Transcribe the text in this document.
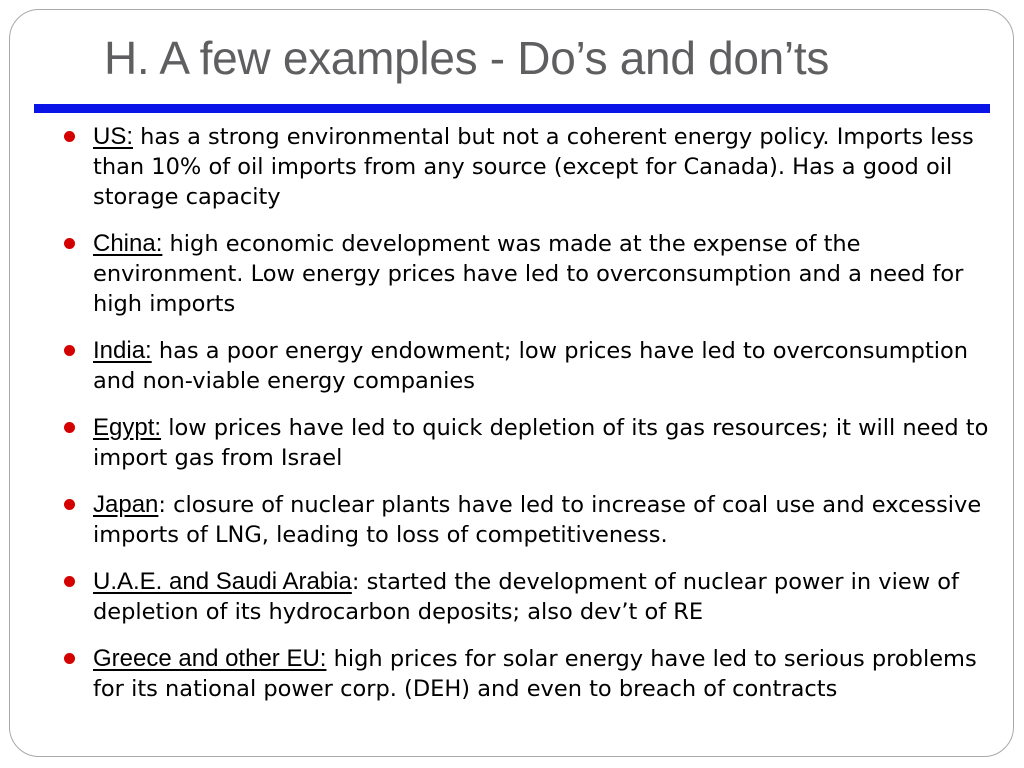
H. A few examples - Do’s and don’ts
US: has a strong environmental but not a coherent energy policy. Imports less than 10% of oil imports from any source (except for Canada). Has a good oil storage capacity
China: high economic development was made at the expense of the environment. Low energy prices have led to overconsumption and a need for high imports
India: has a poor energy endowment; low prices have led to overconsumption and non-viable energy companies
Egypt: low prices have led to quick depletion of its gas resources; it will need to import gas from Israel
Japan: closure of nuclear plants have led to increase of coal use and excessive imports of LNG, leading to loss of competitiveness.
U.A.E. and Saudi Arabia: started the development of nuclear power in view of depletion of its hydrocarbon deposits; also dev’t of RE
Greece and other EU: high prices for solar energy have led to serious problems for its national power corp. (DEH) and even to breach of contracts
